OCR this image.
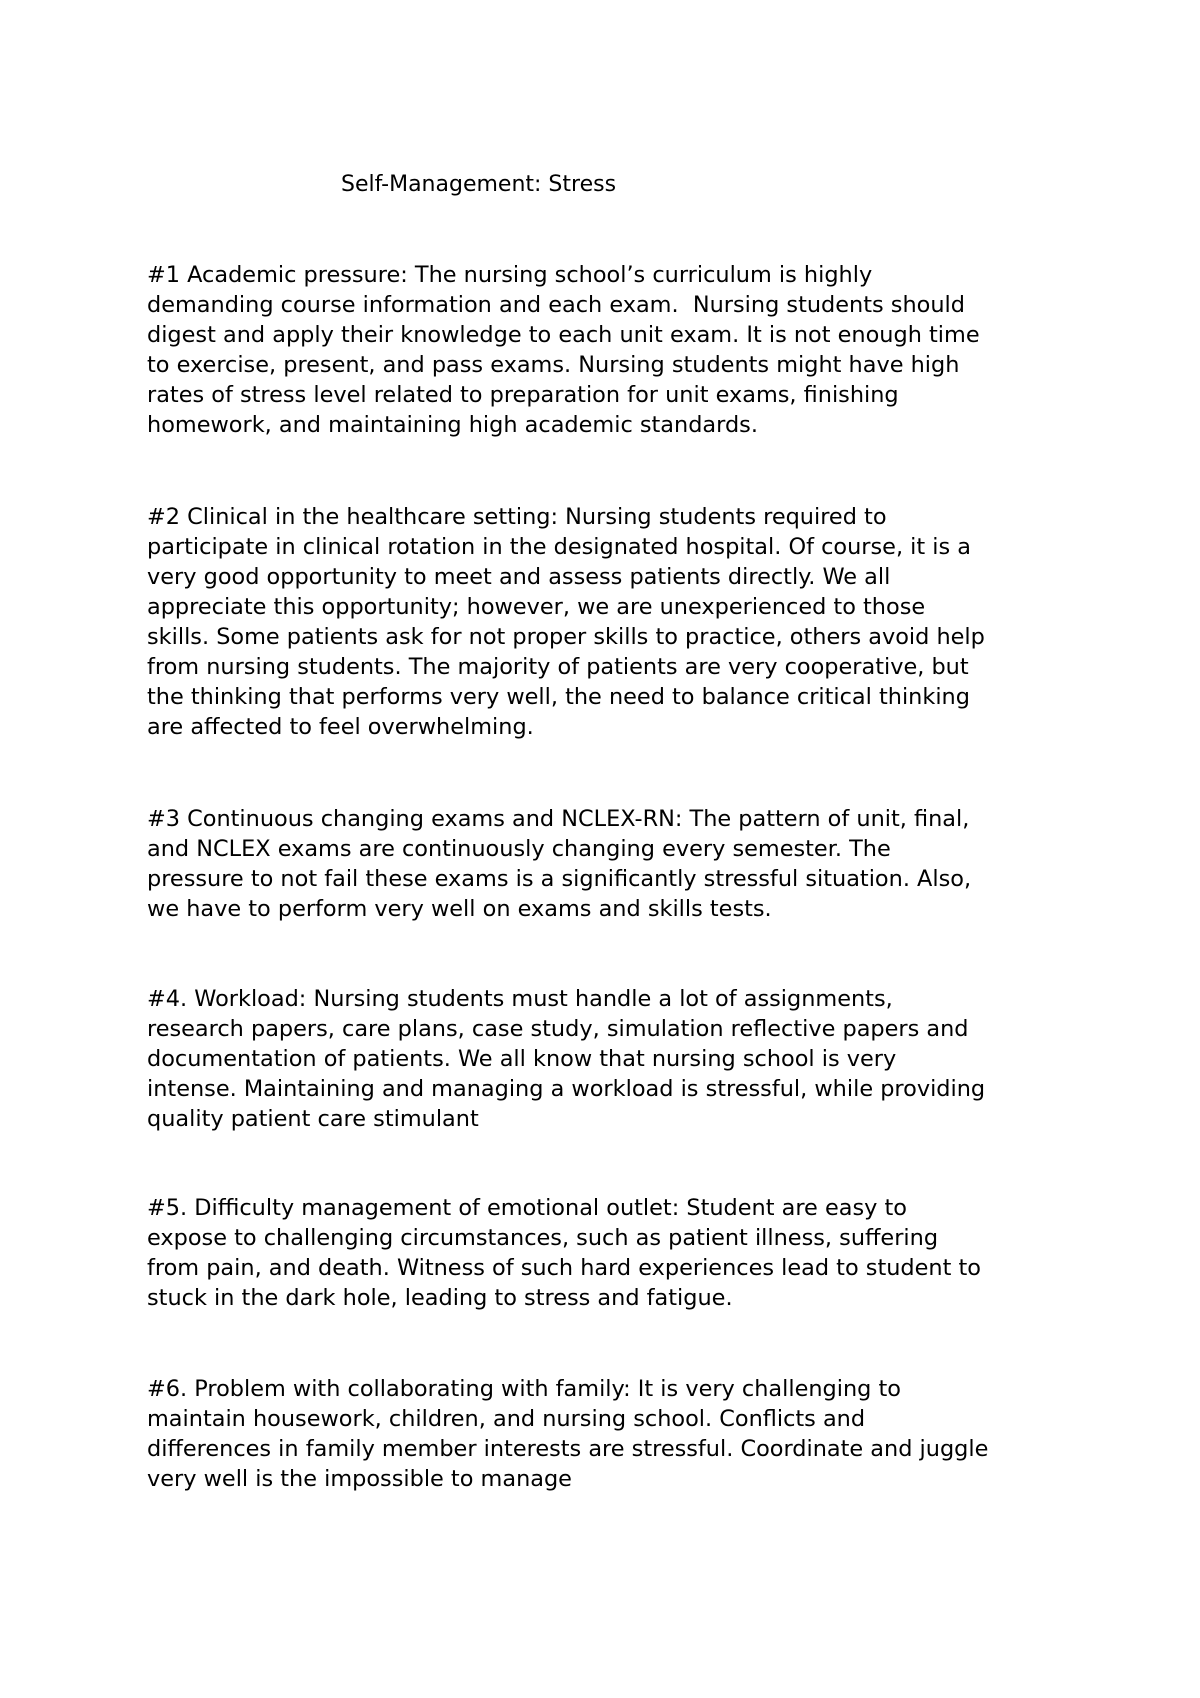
Self-Management: Stress
#1 Academic pressure: The nursing school’s curriculum is highly
demanding course information and each exam.  Nursing students should
digest and apply their knowledge to each unit exam. It is not enough time
to exercise, present, and pass exams. Nursing students might have high
rates of stress level related to preparation for unit exams, finishing
homework, and maintaining high academic standards.
#2 Clinical in the healthcare setting: Nursing students required to
participate in clinical rotation in the designated hospital. Of course, it is a
very good opportunity to meet and assess patients directly. We all
appreciate this opportunity; however, we are unexperienced to those
skills. Some patients ask for not proper skills to practice, others avoid help
from nursing students. The majority of patients are very cooperative, but
the thinking that performs very well, the need to balance critical thinking
are affected to feel overwhelming.
#3 Continuous changing exams and NCLEX-RN: The pattern of unit, final,
and NCLEX exams are continuously changing every semester. The
pressure to not fail these exams is a significantly stressful situation. Also,
we have to perform very well on exams and skills tests.
#4. Workload: Nursing students must handle a lot of assignments,
research papers, care plans, case study, simulation reflective papers and
documentation of patients. We all know that nursing school is very
intense. Maintaining and managing a workload is stressful, while providing
quality patient care stimulant
#5. Difficulty management of emotional outlet: Student are easy to
expose to challenging circumstances, such as patient illness, suffering
from pain, and death. Witness of such hard experiences lead to student to
stuck in the dark hole, leading to stress and fatigue.
#6. Problem with collaborating with family: It is very challenging to
maintain housework, children, and nursing school. Conflicts and
differences in family member interests are stressful. Coordinate and juggle
very well is the impossible to manage
